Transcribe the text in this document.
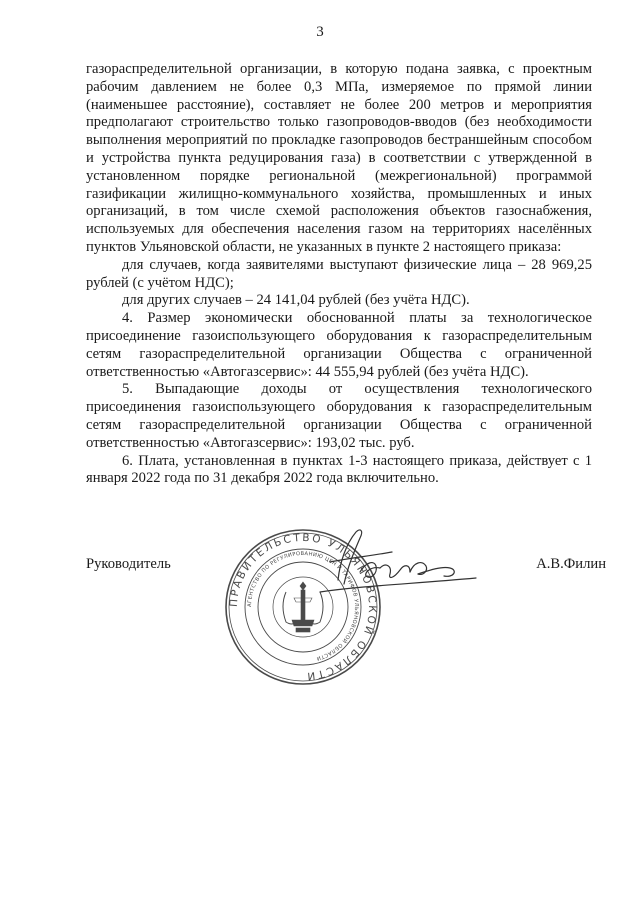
3

газораспределительной организации, в которую подана заявка, с проектным рабочим давлением не более 0,3 МПа, измеряемое по прямой линии (наименьшее расстояние), составляет не более 200 метров и мероприятия предполагают строительство только газопроводов-вводов (без необходимости выполнения мероприятий по прокладке газопроводов бестраншейным способом и устройства пункта редуцирования газа) в соответствии с утвержденной в установленном порядке региональной (межрегиональной) программой газификации жилищно-коммунального хозяйства, промышленных и иных организаций, в том числе схемой расположения объектов газоснабжения, используемых для обеспечения населения газом на территориях населённых пунктов Ульяновской области, не указанных в пункте 2 настоящего приказа:

для случаев, когда заявителями выступают физические лица – 28 969,25 рублей (с учётом НДС);

для других случаев – 24 141,04 рублей (без учёта НДС).

4. Размер экономически обоснованной платы за технологическое присоединение газоиспользующего оборудования к газораспределительным сетям газораспределительной организации Общества с ограниченной ответственностью «Автогазсервис»: 44 555,94 рублей (без учёта НДС).

5. Выпадающие доходы от осуществления технологического присоединения газоиспользующего оборудования к газораспределительным сетям газораспределительной организации Общества с ограниченной ответственностью «Автогазсервис»: 193,02 тыс. руб.

6. Плата, установленная в пунктах 1-3 настоящего приказа, действует с 1 января 2022 года по 31 декабря 2022 года включительно.

Руководитель	А.В.Филин
ПРАВИТЕЛЬСТВО УЛЬЯНОВСКОЙ ОБЛАСТИ
АГЕНТСТВО ПО РЕГУЛИРОВАНИЮ ЦЕН И ТАРИФОВ УЛЬЯНОВСКОЙ ОБЛАСТИ
